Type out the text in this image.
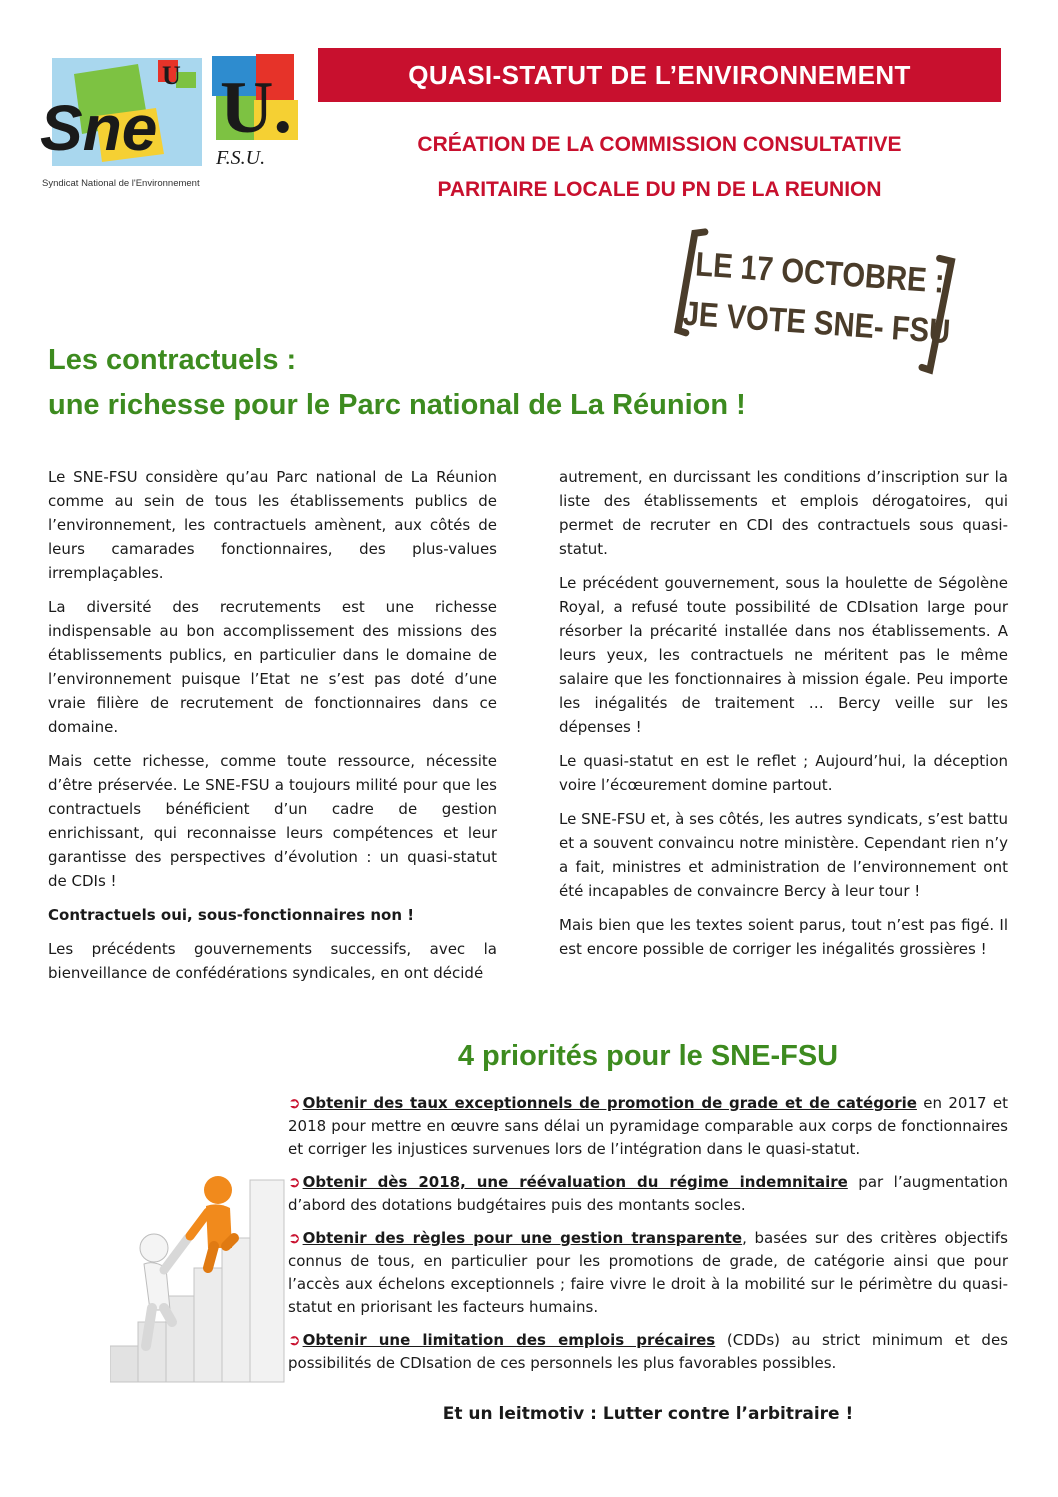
Sne
U
Syndicat National de l'Environnement
U.
F.S.U.
QUASI-STATUT DE L’ENVIRONNEMENT
CRÉATION DE LA COMMISSION CONSULTATIVE
PARITAIRE LOCALE DU PN DE LA REUNION
LE 17 OCTOBRE :
JE VOTE SNE- FSU
Les contractuels :
une richesse pour le Parc national de La Réunion !

Le SNE-FSU considère qu’au Parc national de La Réunion comme au sein de tous les établissements publics de l’environnement, les contractuels amènent, aux côtés de leurs camarades fonctionnaires, des plus-values irremplaçables.

La diversité des recrutements est une richesse indispensable au bon accomplissement des missions des établissements publics, en particulier dans le domaine de l’environnement puisque l’Etat ne s’est pas doté d’une vraie filière de recrutement de fonctionnaires dans ce domaine.

Mais cette richesse, comme toute ressource, nécessite d’être préservée. Le SNE-FSU a toujours milité pour que les contractuels bénéficient d’un cadre de gestion enrichissant, qui reconnaisse leurs compétences et leur garantisse des perspectives d’évolution : un quasi-statut de CDIs !

Contractuels oui, sous-fonctionnaires non !

Les précédents gouvernements successifs, avec la bienveillance de confédérations syndicales, en ont décidé

autrement, en durcissant les conditions d’inscription sur la liste des établissements et emplois dérogatoires, qui permet de recruter en CDI des contractuels sous quasi-statut.

Le précédent gouvernement, sous la houlette de Ségolène Royal, a refusé toute possibilité de CDIsation large pour résorber la précarité installée dans nos établissements. A leurs yeux, les contractuels ne méritent pas le même salaire que les fonctionnaires à mission égale. Peu importe les inégalités de traitement … Bercy veille sur les dépenses !

Le quasi-statut en est le reflet ; Aujourd’hui, la déception voire l’écœurement domine partout.

Le SNE-FSU et, à ses côtés, les autres syndicats, s’est battu et a souvent convaincu notre ministère. Cependant rien n’y a fait, ministres et administration de l’environnement ont été incapables de convaincre Bercy à leur tour !

Mais bien que les textes soient parus, tout n’est pas figé. Il est encore possible de corriger les inégalités grossières !

4 priorités pour le SNE-FSU

➲ Obtenir des taux exceptionnels de promotion de grade et de catégorie en 2017 et 2018 pour mettre en œuvre sans délai un pyramidage comparable aux corps de fonctionnaires et corriger les injustices survenues lors de l’intégration dans le quasi-statut.

➲ Obtenir dès 2018, une réévaluation du régime indemnitaire par l’augmentation d’abord des dotations budgétaires puis des montants socles.

➲ Obtenir des règles pour une gestion transparente, basées sur des critères objectifs connus de tous, en particulier pour les promotions de grade, de catégorie ainsi que pour l’accès aux échelons exceptionnels ; faire vivre le droit à la mobilité sur le périmètre du quasi-statut en priorisant les facteurs humains.

➲ Obtenir une limitation des emplois précaires (CDDs) au strict minimum et des possibilités de CDIsation de ces personnels les plus favorables possibles.

Et un leitmotiv : Lutter contre l’arbitraire !
